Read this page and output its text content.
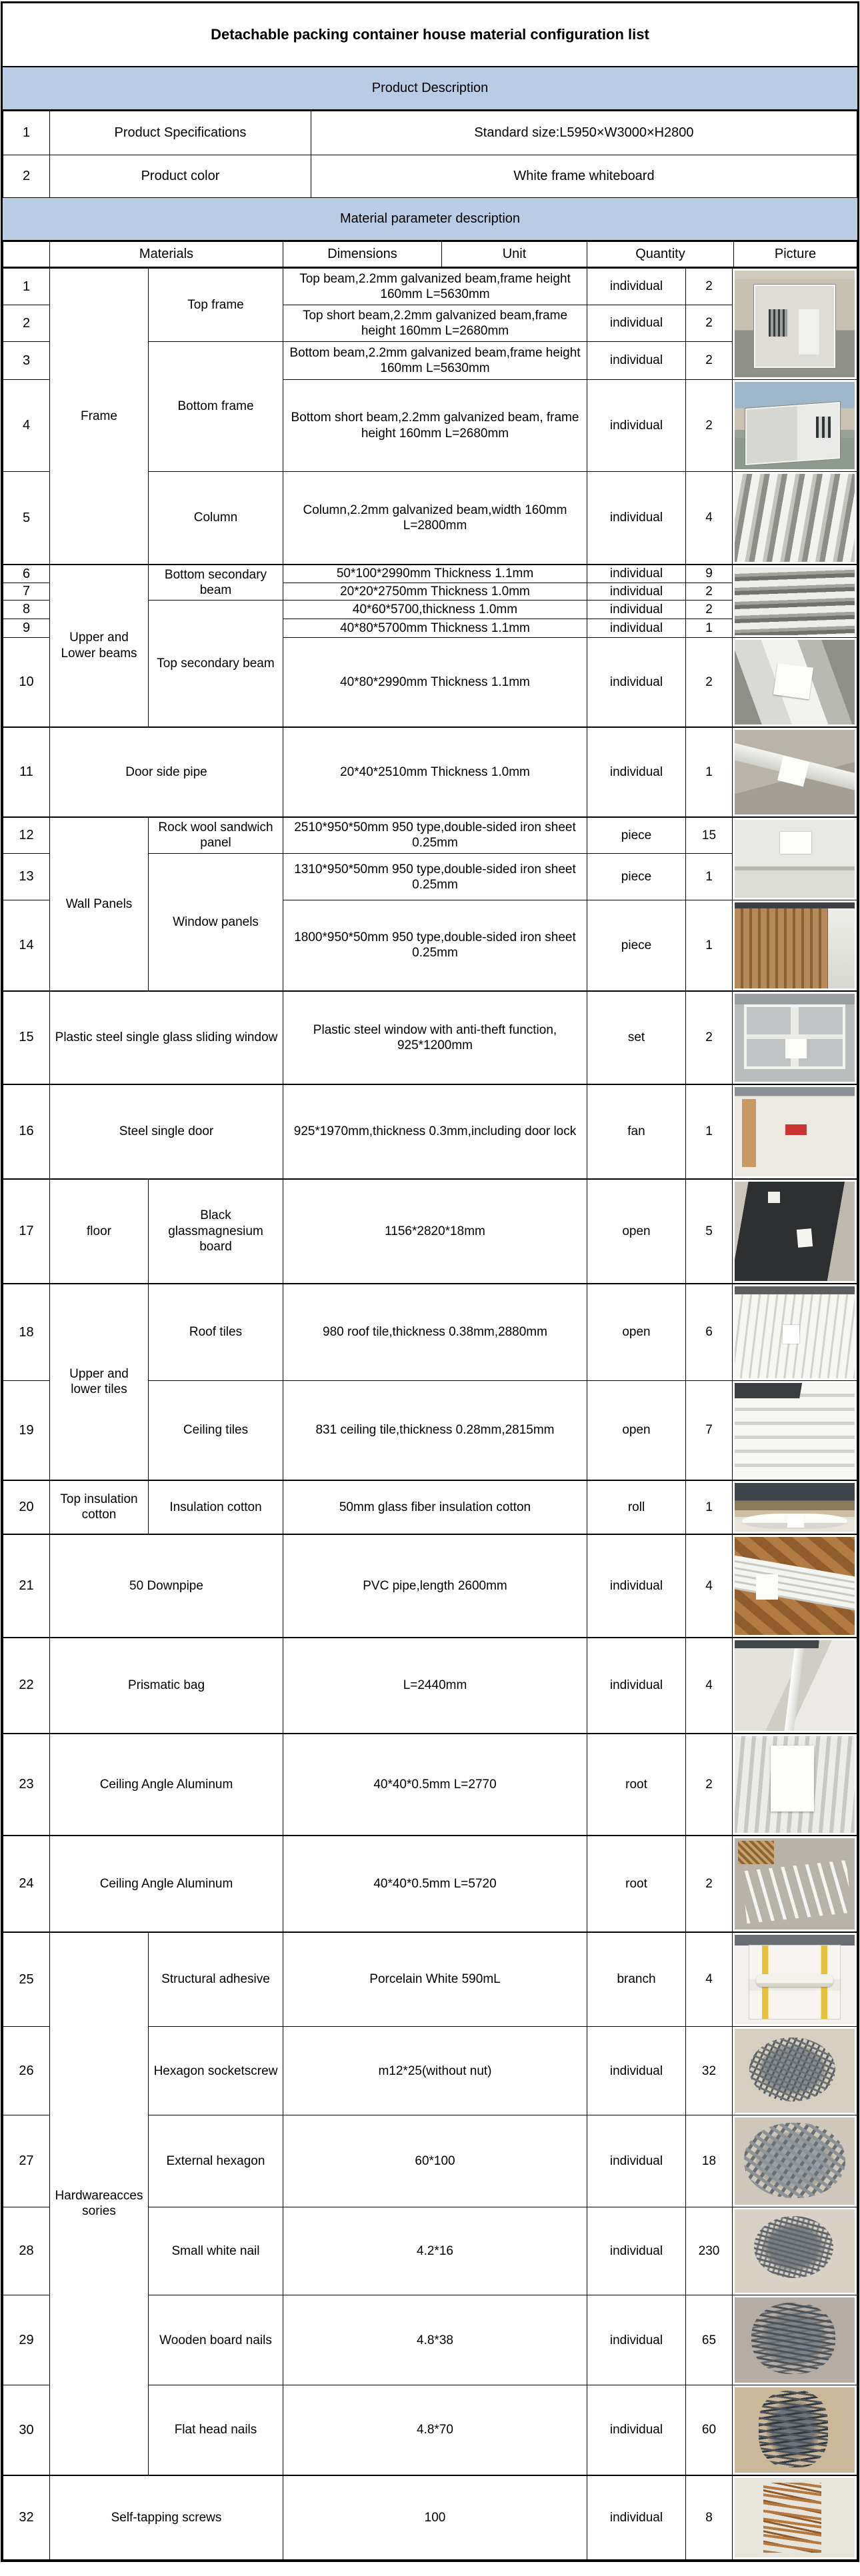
Detachable packing container house material configuration list
Product Description
1	Product Specifications	Standard size:L5950×W3000×H2800
2	Product color	White frame whiteboard
Material parameter description
	Materials	Dimensions	Unit	Quantity	Picture
1	Frame	Top frame	Top beam,2.2mm galvanized beam,frame height 160mm L=5630mm	individual	2	

2			Top short beam,2.2mm galvanized beam,frame height 160mm L=2680mm	individual	2	
3		Bottom frame	Bottom beam,2.2mm galvanized beam,frame height 160mm L=5630mm	individual	2	
4			Bottom short beam,2.2mm galvanized beam, frame height 160mm L=2680mm	individual	2	

5		Column	Column,2.2mm galvanized beam,width 160mm L=2800mm	individual	4	

6	Upper and Lower beams	Bottom secondary beam	50*100*2990mm Thickness 1.1mm	individual	9	

7			20*20*2750mm Thickness 1.0mm	individual	2	
8		Top secondary beam	40*60*5700,thickness 1.0mm	individual	2	
9			40*80*5700mm Thickness 1.1mm	individual	1	
10			40*80*2990mm Thickness 1.1mm	individual	2	

11	Door side pipe		20*40*2510mm Thickness 1.0mm	individual	1	

12	Wall Panels	Rock wool sandwich panel	2510*950*50mm 950 type,double-sided iron sheet 0.25mm	piece	15	

13		Window panels	1310*950*50mm 950 type,double-sided iron sheet 0.25mm	piece	1	
14			1800*950*50mm 950 type,double-sided iron sheet 0.25mm	piece	1	

15	Plastic steel single glass sliding window		Plastic steel window with anti-theft function, 925*1200mm	set	2	

16	Steel single door		925*1970mm,thickness 0.3mm,including door lock	fan	1	

17	floor	Black glassmagnesium board	1156*2820*18mm	open	5	

18	Upper and lower tiles	Roof tiles	980 roof tile,thickness 0.38mm,2880mm	open	6	

19		Ceiling tiles	831 ceiling tile,thickness 0.28mm,2815mm	open	7	

20	Top insulation cotton	Insulation cotton	50mm glass fiber insulation cotton	roll	1	

21	50 Downpipe		PVC pipe,length 2600mm	individual	4	

22	Prismatic bag		L=2440mm	individual	4	

23	Ceiling Angle Aluminum		40*40*0.5mm L=2770	root	2	

24	Ceiling Angle Aluminum		40*40*0.5mm L=5720	root	2	

25	Hardwareaccessories	Structural adhesive	Porcelain White 590mL	branch	4	

26		Hexagon socketscrew	m12*25(without nut)	individual	32	

27		External hexagon	60*100	individual	18	

28		Small white nail	4.2*16	individual	230	

29		Wooden board nails	4.8*38	individual	65	

30		Flat head nails	4.8*70	individual	60	

32	Self-tapping screws		100	individual	8	
